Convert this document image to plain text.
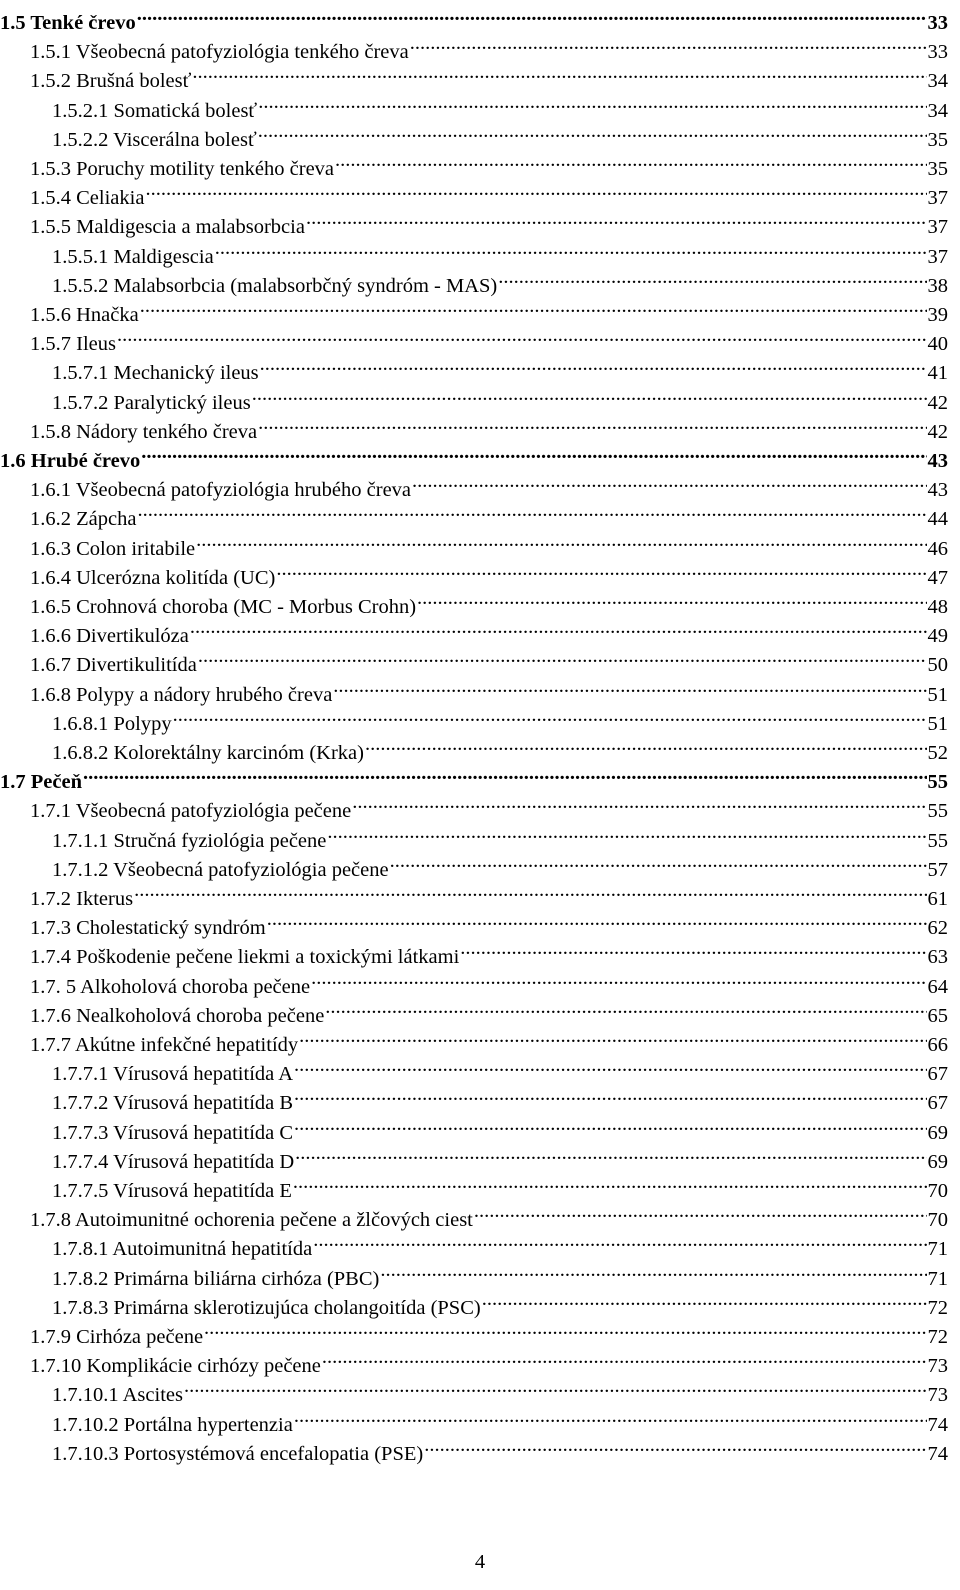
1.5 Tenké črevo .....	33
1.5.1 Všeobecná patofyziológia tenkého čreva .....	33
1.5.2 Brušná bolesť .....	34
1.5.2.1 Somatická bolesť .....	34
1.5.2.2 Viscerálna bolesť .....	35
1.5.3 Poruchy motility tenkého čreva .....	35
1.5.4 Celiakia .....	37
1.5.5 Maldigescia a malabsorbcia .....	37
1.5.5.1 Maldigescia .....	37
1.5.5.2 Malabsorbcia (malabsorbčný syndróm - MAS) .....	38
1.5.6 Hnačka .....	39
1.5.7 Ileus .....	40
1.5.7.1 Mechanický ileus .....	41
1.5.7.2 Paralytický ileus .....	42
1.5.8 Nádory tenkého čreva .....	42
1.6 Hrubé črevo .....	43
1.6.1 Všeobecná patofyziológia hrubého čreva .....	43
1.6.2 Zápcha .....	44
1.6.3 Colon iritabile .....	46
1.6.4 Ulcerózna kolitída (UC) .....	47
1.6.5 Crohnová choroba (MC - Morbus Crohn) .....	48
1.6.6 Divertikulóza .....	49
1.6.7 Divertikulitída .....	50
1.6.8 Polypy a nádory hrubého čreva .....	51
1.6.8.1 Polypy .....	51
1.6.8.2 Kolorektálny karcinóm (Krka) .....	52
1.7 Pečeň .....	55
1.7.1 Všeobecná patofyziológia pečene .....	55
1.7.1.1 Stručná fyziológia pečene .....	55
1.7.1.2 Všeobecná patofyziológia pečene .....	57
1.7.2 Ikterus .....	61
1.7.3 Cholestatický syndróm .....	62
1.7.4 Poškodenie pečene liekmi a toxickými látkami .....	63
1.7. 5 Alkoholová choroba pečene .....	64
1.7.6 Nealkoholová choroba pečene .....	65
1.7.7 Akútne infekčné hepatitídy .....	66
1.7.7.1 Vírusová hepatitída A .....	67
1.7.7.2 Vírusová hepatitída B .....	67
1.7.7.3 Vírusová hepatitída C .....	69
1.7.7.4 Vírusová hepatitída D .....	69
1.7.7.5 Vírusová hepatitída E .....	70
1.7.8 Autoimunitné ochorenia pečene a žlčových ciest .....	70
1.7.8.1 Autoimunitná hepatitída .....	71
1.7.8.2 Primárna biliárna cirhóza (PBC) .....	71
1.7.8.3 Primárna sklerotizujúca cholangoitída (PSC) .....	72
1.7.9 Cirhóza pečene .....	72
1.7.10 Komplikácie cirhózy pečene .....	73
1.7.10.1 Ascites .....	73
1.7.10.2 Portálna hypertenzia .....	74
1.7.10.3 Portosystémová encefalopatia (PSE) .....	74
4
